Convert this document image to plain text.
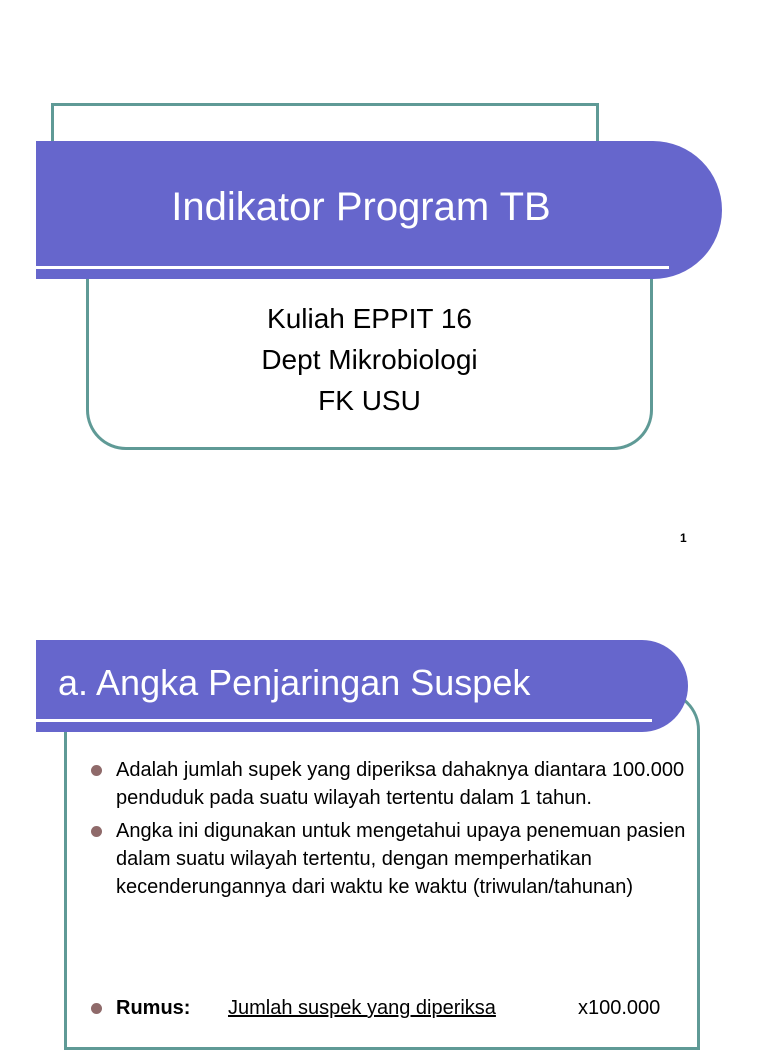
Indikator Program TB
Kuliah EPPIT 16
Dept Mikrobiologi
FK USU
1
a. Angka Penjaringan Suspek
Adalah jumlah supek yang diperiksa dahaknya diantara 100.000 penduduk pada suatu wilayah tertentu dalam 1 tahun.
Angka ini digunakan untuk mengetahui upaya penemuan pasien dalam suatu wilayah tertentu, dengan memperhatikan kecenderungannya dari waktu ke waktu (triwulan/tahunan)
Rumus: Jumlah suspek yang diperiksa	x100.000
